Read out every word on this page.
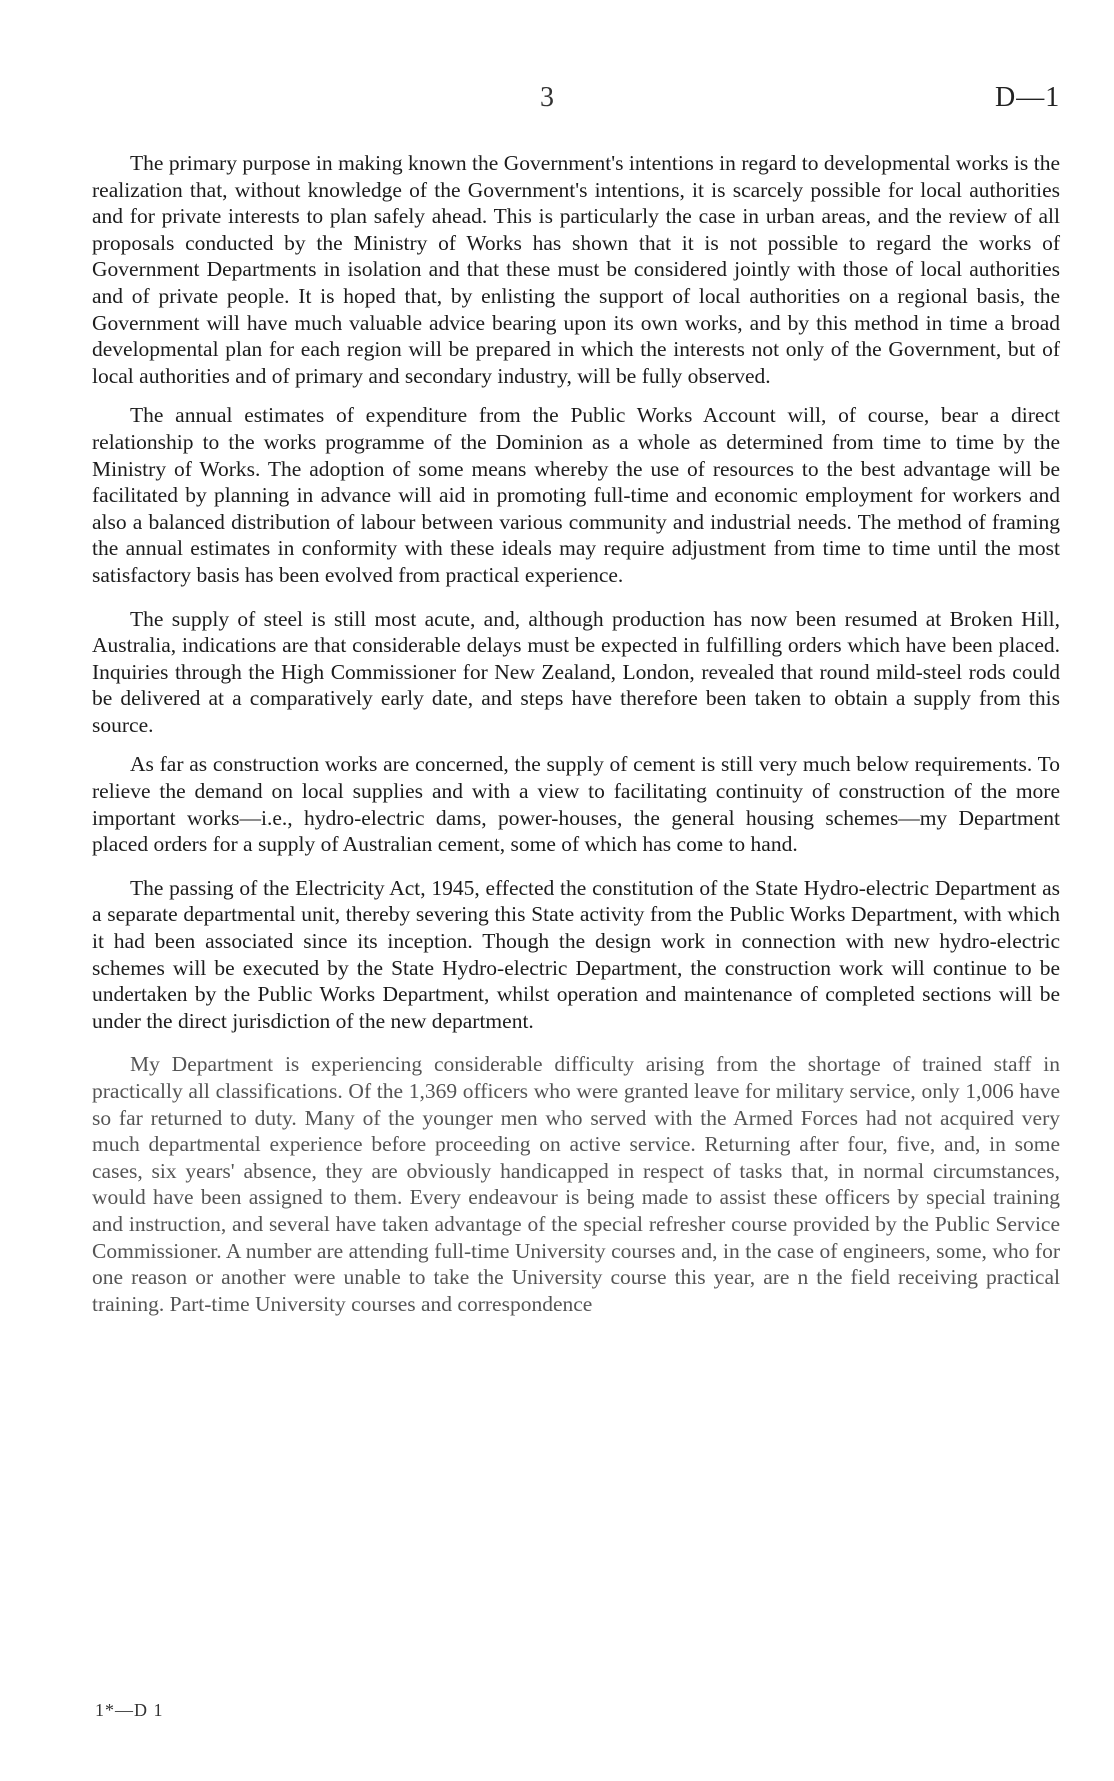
3	D—1

The primary purpose in making known the Government's intentions in regard to developmental works is the realization that, without knowledge of the Government's intentions, it is scarcely possible for local authorities and for private interests to plan safely ahead. This is particularly the case in urban areas, and the review of all proposals conducted by the Ministry of Works has shown that it is not possible to regard the works of Government Departments in isolation and that these must be considered jointly with those of local authorities and of private people. It is hoped that, by enlisting the support of local authorities on a regional basis, the Government will have much valuable advice bearing upon its own works, and by this method in time a broad developmental plan for each region will be prepared in which the interests not only of the Government, but of local authorities and of primary and secondary industry, will be fully observed.

The annual estimates of expenditure from the Public Works Account will, of course, bear a direct relationship to the works programme of the Dominion as a whole as determined from time to time by the Ministry of Works. The adoption of some means whereby the use of resources to the best advantage will be facilitated by planning in advance will aid in promoting full-time and economic employment for workers and also a balanced distribution of labour between various community and industrial needs. The method of framing the annual estimates in conformity with these ideals may require adjustment from time to time until the most satisfactory basis has been evolved from practical experience.

The supply of steel is still most acute, and, although production has now been resumed at Broken Hill, Australia, indications are that considerable delays must be expected in fulfilling orders which have been placed. Inquiries through the High Commissioner for New Zealand, London, revealed that round mild-steel rods could be delivered at a comparatively early date, and steps have therefore been taken to obtain a supply from this source.

As far as construction works are concerned, the supply of cement is still very much below requirements. To relieve the demand on local supplies and with a view to facilitating continuity of construction of the more important works—i.e., hydro-electric dams, power-houses, the general housing schemes—my Department placed orders for a supply of Australian cement, some of which has come to hand.

The passing of the Electricity Act, 1945, effected the constitution of the State Hydro-electric Department as a separate departmental unit, thereby severing this State activity from the Public Works Department, with which it had been associated since its inception. Though the design work in connection with new hydro-electric schemes will be executed by the State Hydro-electric Department, the construction work will continue to be undertaken by the Public Works Department, whilst operation and maintenance of completed sections will be under the direct jurisdiction of the new department.

My Department is experiencing considerable difficulty arising from the shortage of trained staff in practically all classifications. Of the 1,369 officers who were granted leave for military service, only 1,006 have so far returned to duty. Many of the younger men who served with the Armed Forces had not acquired very much departmental experience before proceeding on active service. Returning after four, five, and, in some cases, six years' absence, they are obviously handicapped in respect of tasks that, in normal circumstances, would have been assigned to them. Every endeavour is being made to assist these officers by special training and instruction, and several have taken advantage of the special refresher course provided by the Public Service Commissioner. A number are attending full-time University courses and, in the case of engineers, some, who for one reason or another were unable to take the University course this year, are n the field receiving practical training. Part-time University courses and correspondence

1*—D 1
